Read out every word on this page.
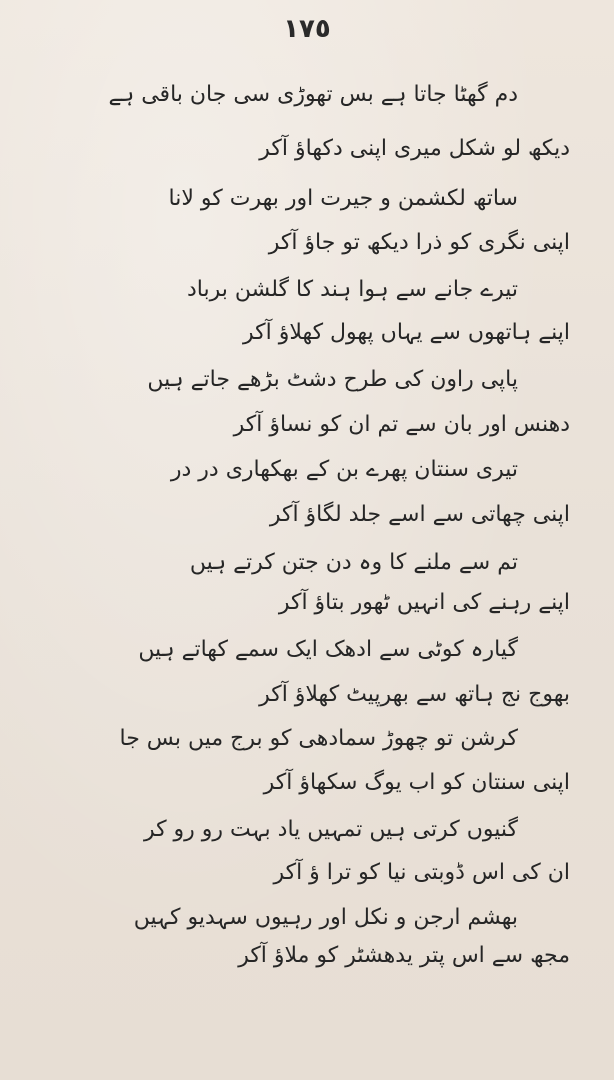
١٧٥
دم گھٹا جاتا ہے بس تھوڑی سی جان باقی ہے
دیکھ لو شکل میری اپنی دکھاؤ آکر
ساتھ لکشمن و جیرت اور بھرت کو لانا
اپنی نگری کو ذرا دیکھ تو جاؤ آکر
تیرے جانے سے ہوا ہند کا گلشن برباد
اپنے ہاتھوں سے یہاں پھول کھلاؤ آکر
پاپی راون کی طرح دشٹ بڑھے جاتے ہیں
دھنس اور بان سے تم ان کو نساؤ آکر
تیری سنتان پھرے بن کے بھکھاری در در
اپنی چھاتی سے اسے جلد لگاؤ آکر
تم سے ملنے کا وہ دن جتن کرتے ہیں
اپنے رہنے کی انہیں ٹھور بتاؤ آکر
گیارہ کوٹی سے ادھک ایک سمے کھاتے ہیں
بھوج نج ہاتھ سے بھرپیٹ کھلاؤ آکر
کرشن تو چھوڑ سمادھی کو برج میں بس جا
اپنی سنتان کو اب یوگ سکھاؤ آکر
گنیوں کرتی ہیں تمہیں یاد بہت رو رو کر
ان کی اس ڈوبتی نیا کو ترا ؤ آکر
بھشم ارجن و نکل اور رہیوں سہدیو کہیں
مجھ سے اس پتر یدھشٹر کو ملاؤ آکر
